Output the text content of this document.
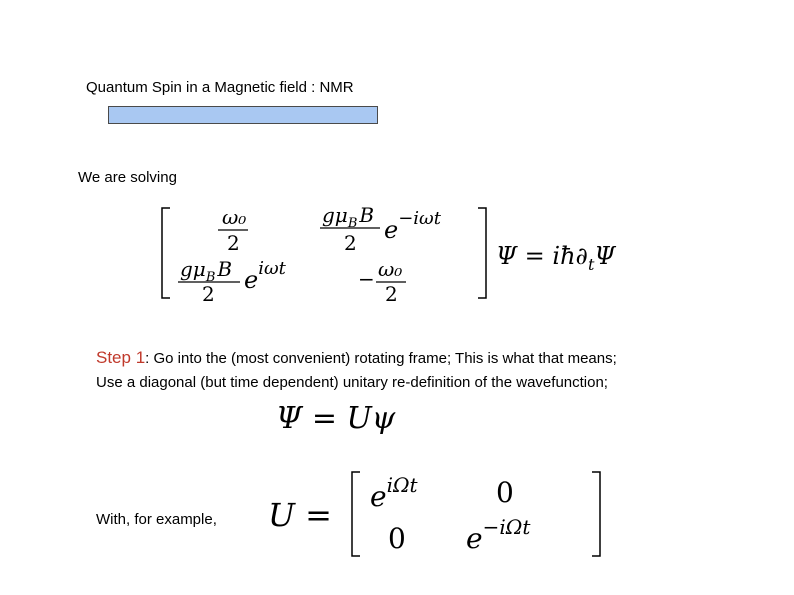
Quantum Spin in a Magnetic field : NMR
We are solving
ω₀
2
$g\mu_B$ B
2 $e^{-i\omega t}$
$g\mu_B$ B
2 $e^{i\omega t}$	− ω₀
2
$\Psi = iħ\partial_t\Psi$
Step 1: Go into the (most convenient) rotating frame; This is what that means;
Use a diagonal (but time dependent) unitary re-definition of the wavefunction;
Ψ = Uψ
With, for example, $U = e^{i\Omega t}$	0
0 $e^{-i\Omega t}$
